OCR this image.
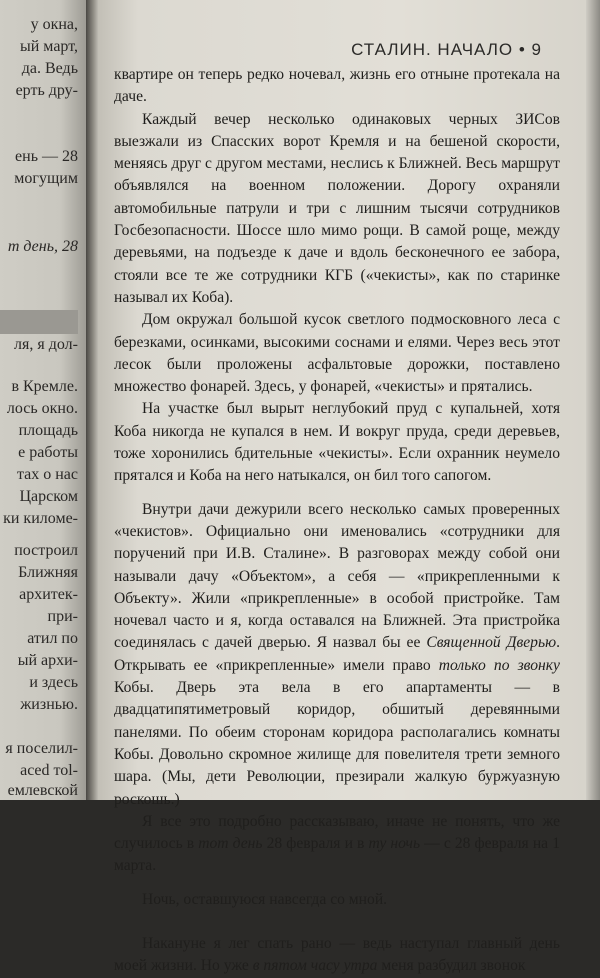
у окна,
ый март,
да. Ведь
ерть дру-
ень — 28
могущим
т день, 28
ля, я дол-
в Кремле.
лось окно.
площадь
е работы
тах о нас
Царском
ки киломе-
построил
Ближняя
архитек-
при-
атил по
ый архи-
и здесь
жизнью.
я поселил-
асed тоl-
емлевской
СТАЛИН. НАЧАЛО • 9

квартире он теперь редко ночевал, жизнь его отныне протекала на даче.

Каждый вечер несколько одинаковых черных ЗИСов выезжали из Спасских ворот Кремля и на бешеной скорости, меняясь друг с другом местами, неслись к Ближней. Весь маршрут объявлялся на военном положении. Дорогу охраняли автомобильные патрули и три с лишним тысячи сотрудников Госбезопасности. Шоссе шло мимо рощи. В самой роще, между деревьями, на подъезде к даче и вдоль бесконечного ее забора, стояли все те же сотрудники КГБ («чекисты», как по старинке называл их Коба).

Дом окружал большой кусок светлого подмосковного леса с березками, осинками, высокими соснами и елями. Через весь этот лесок были проложены асфальтовые дорожки, поставлено множество фонарей. Здесь, у фонарей, «чекисты» и прятались.

На участке был вырыт неглубокий пруд с купальней, хотя Коба никогда не купался в нем. И вокруг пруда, среди деревьев, тоже хоронились бдительные «чекисты». Если охранник неумело прятался и Коба на него натыкался, он бил того сапогом.

Внутри дачи дежурили всего несколько самых проверенных «чекистов». Официально они именовались «сотрудники для поручений при И.В. Сталине». В разговорах между собой они называли дачу «Объектом», а себя — «прикрепленными к Объекту». Жили «прикрепленные» в особой пристройке. Там ночевал часто и я, когда оставался на Ближней. Эта пристройка соединялась с дачей дверью. Я назвал бы ее Священной Дверью. Открывать ее «прикрепленные» имели право только по звонку Кобы. Дверь эта вела в его апартаменты — в двадцатипятиметровый коридор, обшитый деревянными панелями. По обеим сторонам коридора располагались комнаты Кобы. Довольно скромное жилище для повелителя трети земного шара. (Мы, дети Революции, презирали жалкую буржуазную роскошь.)

Я все это подробно рассказываю, иначе не понять, что же случилось в тот день 28 февраля и в ту ночь — с 28 февраля на 1 марта.

Ночь, оставшуюся навсегда со мной.

Накануне я лег спать рано — ведь наступал главный день моей жизни. Но уже в пятом часу утра меня разбудил звонок
